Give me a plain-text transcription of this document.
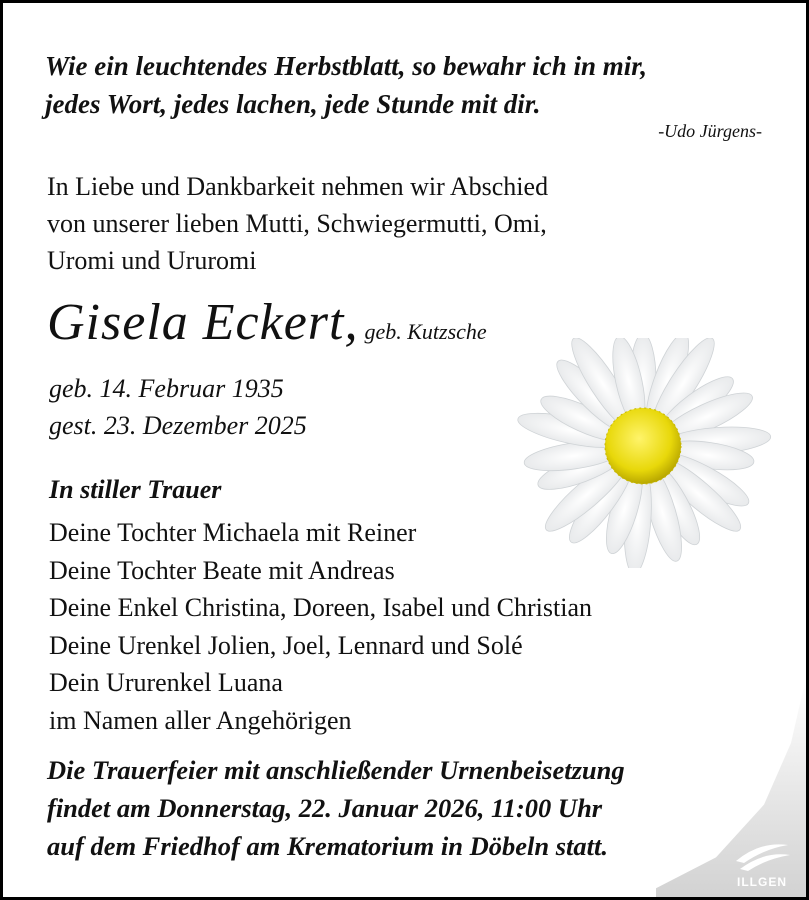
Wie ein leuchtendes Herbstblatt, so bewahr ich in mir,
jedes Wort, jedes lachen, jede Stunde mit dir.
-Udo Jürgens-
In Liebe und Dankbarkeit nehmen wir Abschied
von unserer lieben Mutti, Schwiegermutti, Omi,
Uromi und Ururomi
Gisela Eckert, geb. Kutzsche
geb. 14. Februar 1935
gest. 23. Dezember 2025
In stiller Trauer
Deine Tochter Michaela mit Reiner
Deine Tochter Beate mit Andreas
Deine Enkel Christina, Doreen, Isabel und Christian
Deine Urenkel Jolien, Joel, Lennard und Solé
Dein Ururenkel Luana
im Namen aller Angehörigen
Die Trauerfeier mit anschließender Urnenbeisetzung
findet am Donnerstag, 22. Januar 2026, 11:00 Uhr
auf dem Friedhof am Krematorium in Döbeln statt.
ILLGEN
